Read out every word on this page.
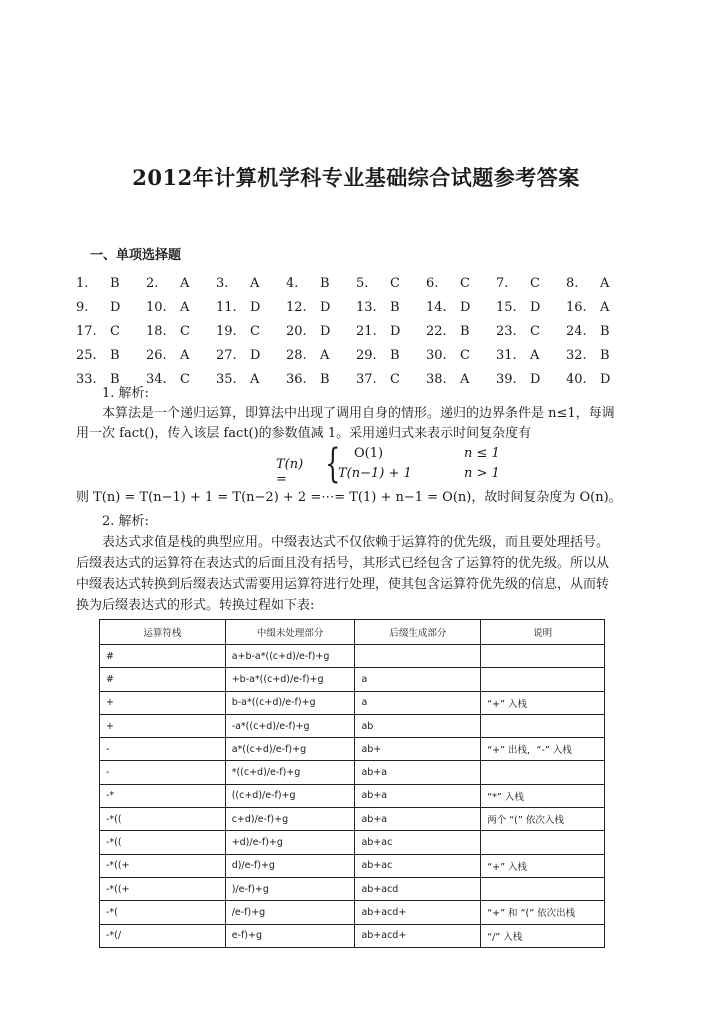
2012年计算机学科专业基础综合试题参考答案
一、单项选择题
1.	B	2.	A	3.	A	4.	B	5.	C	6.	C	7.	C	8.	A
9.	D	10.	A	11.	D	12.	D	13.	B	14.	D	15.	D	16.	A
17.	C	18.	C	19.	C	20.	D	21.	D	22.	B	23.	C	24.	B
25.	B	26.	A	27.	D	28.	A	29.	B	30.	C	31.	A	32.	B
33.	B	34.	C	35.	A	36.	B	37.	C	38.	A	39.	D	40.	D
1. 解析:
本算法是一个递归运算，即算法中出现了调用自身的情形。递归的边界条件是 n≤1，每调
用一次 fact()，传入该层 fact()的参数值减 1。采用递归式来表示时间复杂度有
T(n) = {	O(1)	n ≤ 1
T(n−1) + 1	n > 1
则 T(n) = T(n−1) + 1 = T(n−2) + 2 =⋯= T(1) + n−1 = O(n)，故时间复杂度为 O(n)。
2. 解析:
表达式求值是栈的典型应用。中缀表达式不仅依赖于运算符的优先级，而且要处理括号。
后缀表达式的运算符在表达式的后面且没有括号，其形式已经包含了运算符的优先级。所以从
中缀表达式转换到后缀表达式需要用运算符进行处理，使其包含运算符优先级的信息，从而转
换为后缀表达式的形式。转换过程如下表:
运算符栈	中缀未处理部分	后缀生成部分	说明
#	a+b-a*((c+d)/e-f)+g		
#	+b-a*((c+d)/e-f)+g	a	
+	b-a*((c+d)/e-f)+g	a	“+” 入栈
+	-a*((c+d)/e-f)+g	ab	
-	a*((c+d)/e-f)+g	ab+	“+” 出栈，“-” 入栈
-	*((c+d)/e-f)+g	ab+a	
-*	((c+d)/e-f)+g	ab+a	“*” 入栈
-*((	c+d)/e-f)+g	ab+a	两个 “(” 依次入栈
-*((	+d)/e-f)+g	ab+ac	
-*((+	d)/e-f)+g	ab+ac	“+” 入栈
-*((+	)/e-f)+g	ab+acd	
-*(	/e-f)+g	ab+acd+	“+” 和 “(” 依次出栈
-*(/	e-f)+g	ab+acd+	“/” 入栈
